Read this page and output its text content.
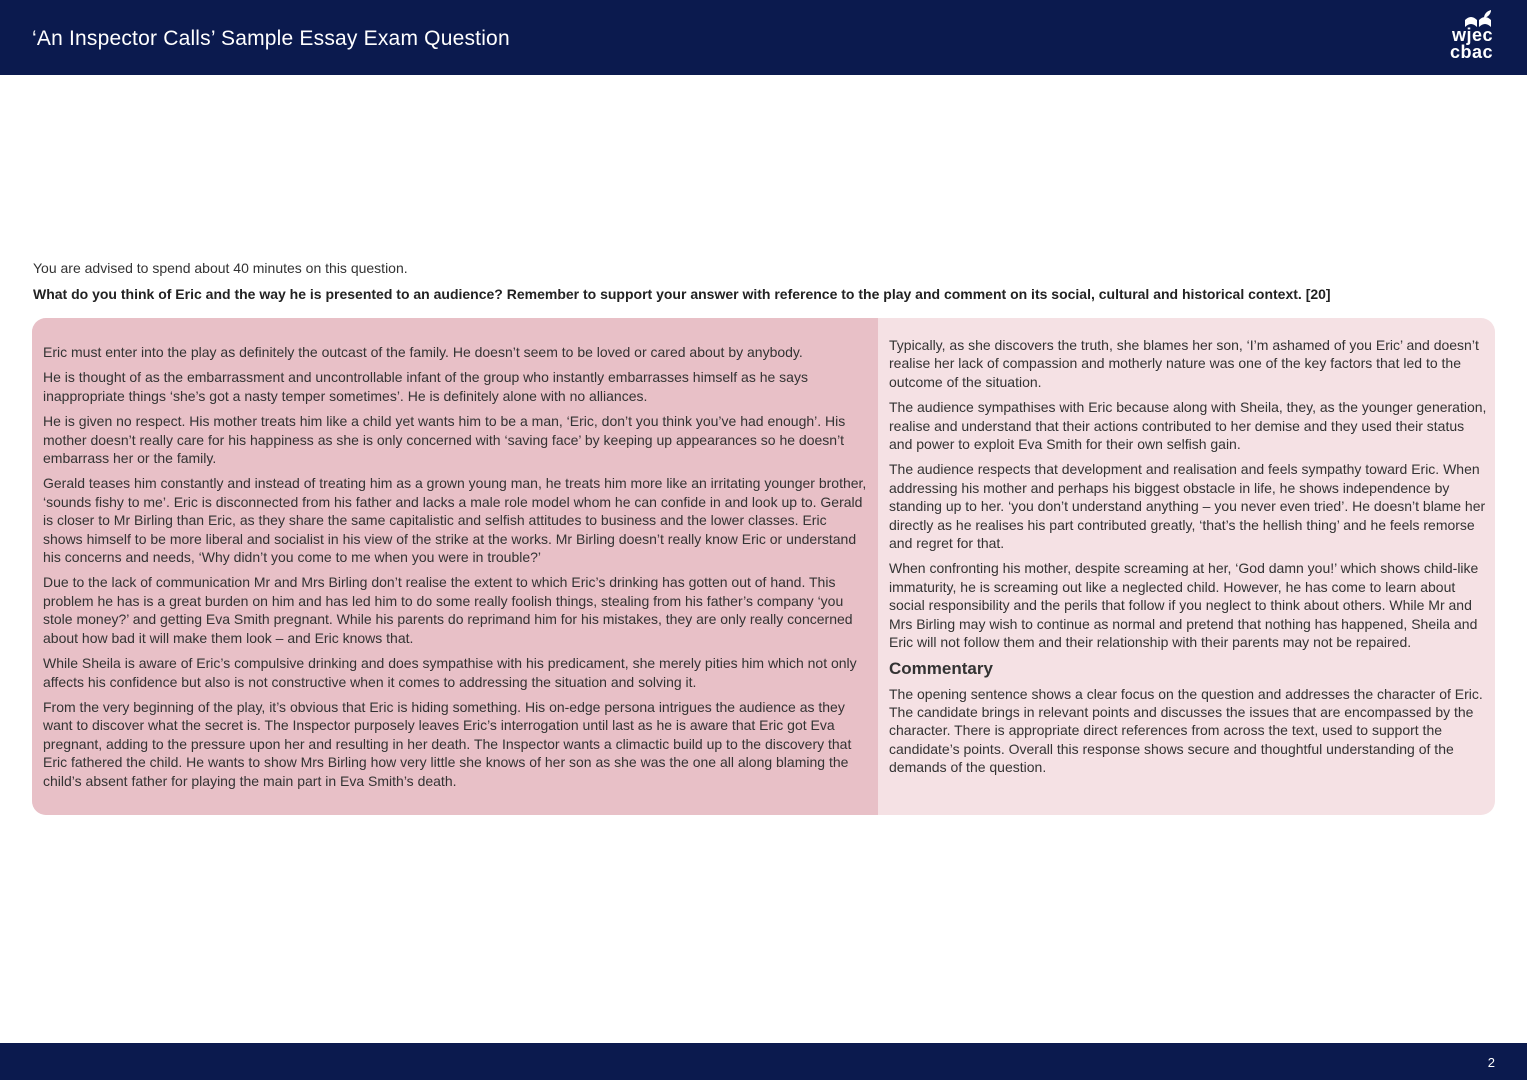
‘An Inspector Calls’ Sample Essay Exam Question	wjec
cbac
You are advised to spend about 40 minutes on this question.
What do you think of Eric and the way he is presented to an audience? Remember to support your answer with reference to the play and comment on its social, cultural and historical context. [20]

Eric must enter into the play as definitely the outcast of the family. He doesn’t seem to be loved or cared about by anybody.

He is thought of as the embarrassment and uncontrollable infant of the group who instantly embarrasses himself as he says inappropriate things ‘she’s got a nasty temper sometimes’. He is definitely alone with no alliances.

He is given no respect. His mother treats him like a child yet wants him to be a man, ‘Eric, don’t you think you’ve had enough’. His mother doesn’t really care for his happiness as she is only concerned with ‘saving face’ by keeping up appearances so he doesn’t embarrass her or the family.

Gerald teases him constantly and instead of treating him as a grown young man, he treats him more like an irritating younger brother, ‘sounds fishy to me’. Eric is disconnected from his father and lacks a male role model whom he can confide in and look up to. Gerald is closer to Mr Birling than Eric, as they share the same capitalistic and selfish attitudes to business and the lower classes. Eric shows himself to be more liberal and socialist in his view of the strike at the works. Mr Birling doesn’t really know Eric or understand his concerns and needs, ‘Why didn’t you come to me when you were in trouble?’

Due to the lack of communication Mr and Mrs Birling don’t realise the extent to which Eric’s drinking has gotten out of hand. This problem he has is a great burden on him and has led him to do some really foolish things, stealing from his father’s company ‘you stole money?’ and getting Eva Smith pregnant. While his parents do reprimand him for his mistakes, they are only really concerned about how bad it will make them look – and Eric knows that.

While Sheila is aware of Eric’s compulsive drinking and does sympathise with his predicament, she merely pities him which not only affects his confidence but also is not constructive when it comes to addressing the situation and solving it.

From the very beginning of the play, it’s obvious that Eric is hiding something. His on-edge persona intrigues the audience as they want to discover what the secret is. The Inspector purposely leaves Eric’s interrogation until last as he is aware that Eric got Eva pregnant, adding to the pressure upon her and resulting in her death. The Inspector wants a climactic build up to the discovery that Eric fathered the child. He wants to show Mrs Birling how very little she knows of her son as she was the one all along blaming the child’s absent father for playing the main part in Eva Smith’s death.

Typically, as she discovers the truth, she blames her son, ‘I’m ashamed of you Eric’ and doesn’t realise her lack of compassion and motherly nature was one of the key factors that led to the outcome of the situation.

The audience sympathises with Eric because along with Sheila, they, as the younger generation, realise and understand that their actions contributed to her demise and they used their status and power to exploit Eva Smith for their own selfish gain.

The audience respects that development and realisation and feels sympathy toward Eric. When addressing his mother and perhaps his biggest obstacle in life, he shows independence by standing up to her. ‘you don’t understand anything – you never even tried’. He doesn’t blame her directly as he realises his part contributed greatly, ‘that’s the hellish thing’ and he feels remorse and regret for that.

When confronting his mother, despite screaming at her, ‘God damn you!’ which shows child-like immaturity, he is screaming out like a neglected child. However, he has come to learn about social responsibility and the perils that follow if you neglect to think about others. While Mr and Mrs Birling may wish to continue as normal and pretend that nothing has happened, Sheila and Eric will not follow them and their relationship with their parents may not be repaired.

Commentary

The opening sentence shows a clear focus on the question and addresses the character of Eric. The candidate brings in relevant points and discusses the issues that are encompassed by the character. There is appropriate direct references from across the text, used to support the candidate’s points. Overall this response shows secure and thoughtful understanding of the demands of the question.

2
